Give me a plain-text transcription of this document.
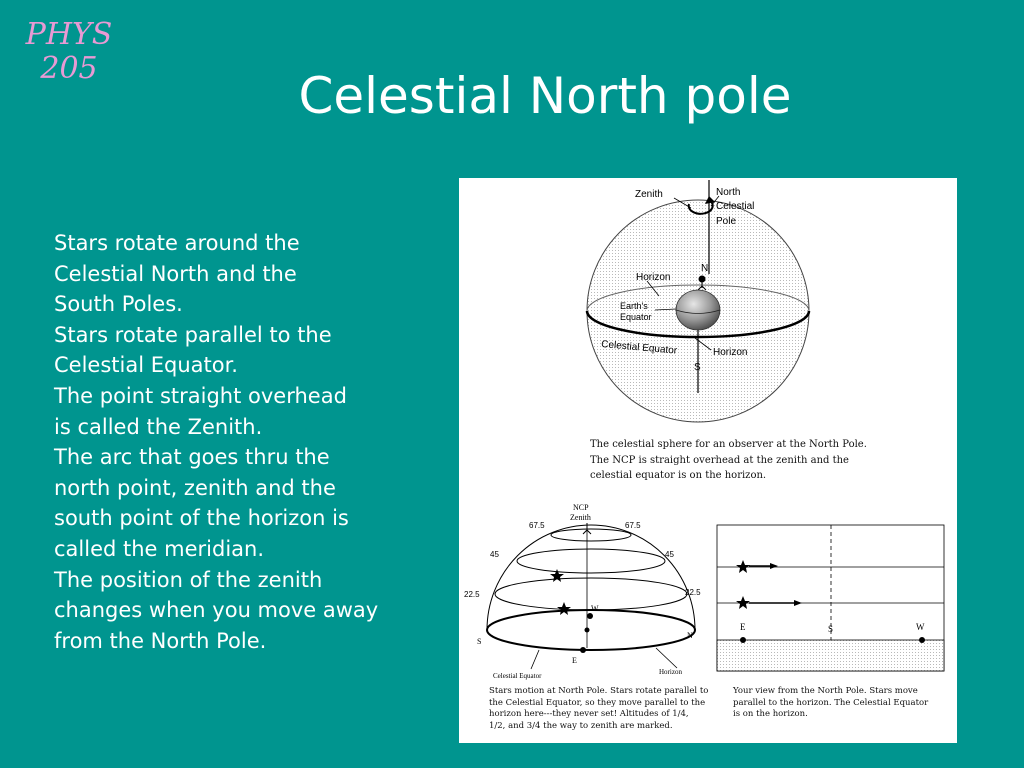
PHYS
205	Celestial North pole
Stars rotate around the
Celestial North and the
South Poles.
Stars rotate parallel to the
Celestial Equator.
The point straight overhead
is called the Zenith.
The arc that goes thru the
north point, zenith and the
south point of the horizon is
called the meridian.
The position of the zenith
changes when you move away
from the North Pole.
Zenith	North
Celestial
Pole
N
Horizon
Earth's
Equator
Celestial Equator	Horizon
S
NCP
Zenith
67.5	67.5
45	45
22.5	22.5
W
S
N
E
Celestial Equator	Horizon
E	S	W
The celestial sphere for an observer at the North Pole.
The NCP is straight overhead at the zenith and the
celestial equator is on the horizon.
Stars motion at North Pole. Stars rotate parallel to
the Celestial Equator, so they move parallel to the
horizon here---they never set! Altitudes of 1/4,
1/2, and 3/4 the way to zenith are marked.
Your view from the North Pole. Stars move
parallel to the horizon. The Celestial Equator
is on the horizon.
